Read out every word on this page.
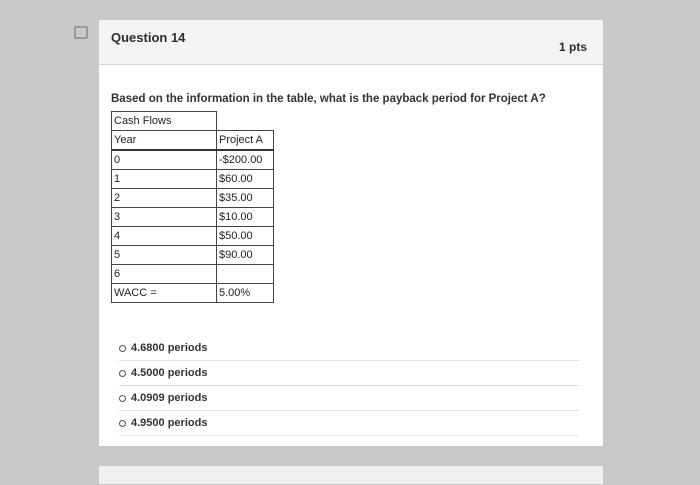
Question 14
1 pts
Based on the information in the table, what is the payback period for Project A?
Cash Flows	
Year	Project A
0	-$200.00
1	$60.00
2	$35.00
3	$10.00
4	$50.00
5	$90.00
6	
WACC =	5.00%
4.6800 periods
4.5000 periods
4.0909 periods
4.9500 periods
